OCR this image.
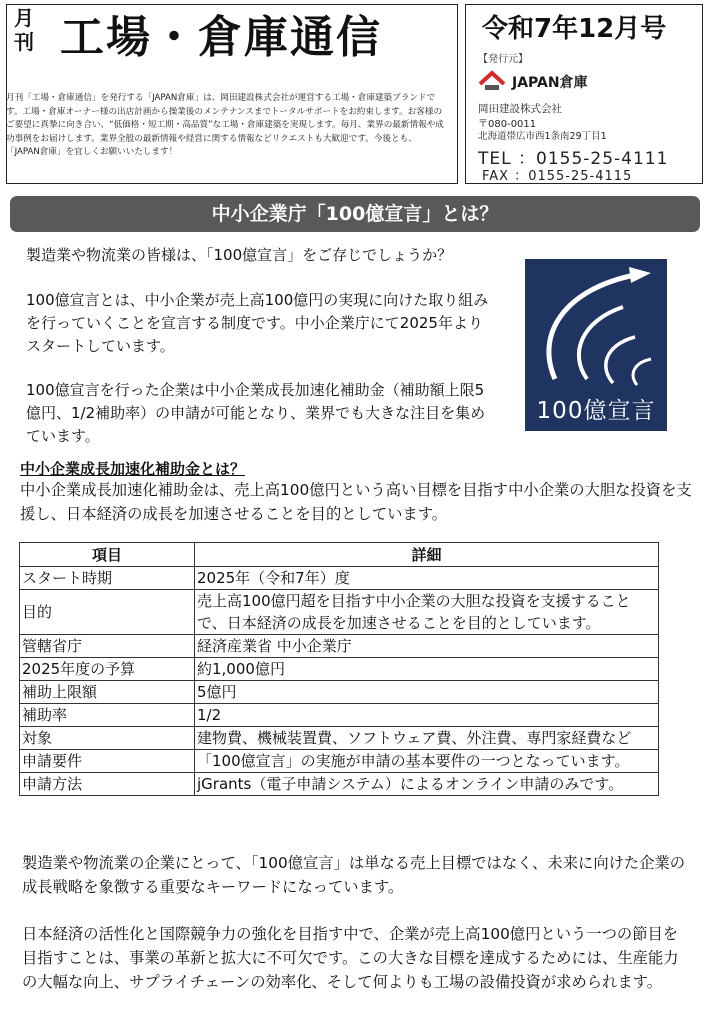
月刊 工場・倉庫通信
月刊「工場・倉庫通信」を発行する「JAPAN倉庫」は、岡田建設株式会社が運営する工場・倉庫建築ブランドです。工場・倉庫オーナー様の出店計画から操業後のメンテナンスまでトータルサポートをお約束します。お客様のご要望に真摯に向き合い、“低価格・短工期・高品質”な工場・倉庫建築を実現します。毎月、業界の最新情報や成功事例をお届けします。業界全般の最新情報や経営に関する情報などリクエストも大歓迎です。今後とも、「JAPAN倉庫」を宜しくお願いいたします！
令和7年12月号
【発行元】
JAPAN倉庫
岡田建設株式会社
〒080-0011
北海道帯広市西1条南29丁目1
TEL ：0155-25-4111
FAX ：0155-25-4115
中小企業庁「100億宣言」とは？
製造業や物流業の皆様は、「100億宣言」をご存じでしょうか？
100億宣言とは、中小企業が売上高100億円の実現に向けた取り組みを行っていくことを宣言する制度です。中小企業庁にて2025年よりスタートしています。
100億宣言を行った企業は中小企業成長加速化補助金（補助額上限5億円、1/2補助率）の申請が可能となり、業界でも大きな注目を集めています。
100億宣言
中小企業成長加速化補助金とは？
中小企業成長加速化補助金は、売上高100億円という高い目標を目指す中小企業の大胆な投資を支援し、日本経済の成長を加速させることを目的としています。
項目	詳細
スタート時期	2025年（令和7年）度
目的	売上高100億円超を目指す中小企業の大胆な投資を支援することで、日本経済の成長を加速させることを目的としています。
管轄省庁	経済産業省 中小企業庁
2025年度の予算	約1,000億円
補助上限額	5億円
補助率	1/2
対象	建物費、機械装置費、ソフトウェア費、外注費、専門家経費など
申請要件	「100億宣言」の実施が申請の基本要件の一つとなっています。
申請方法	jGrants（電子申請システム）によるオンライン申請のみです。
製造業や物流業の企業にとって、「100億宣言」は単なる売上目標ではなく、未来に向けた企業の成長戦略を象徴する重要なキーワードになっています。
日本経済の活性化と国際競争力の強化を目指す中で、企業が売上高100億円という一つの節目を目指すことは、事業の革新と拡大に不可欠です。この大きな目標を達成するためには、生産能力の大幅な向上、サプライチェーンの効率化、そして何よりも工場の設備投資が求められます。
